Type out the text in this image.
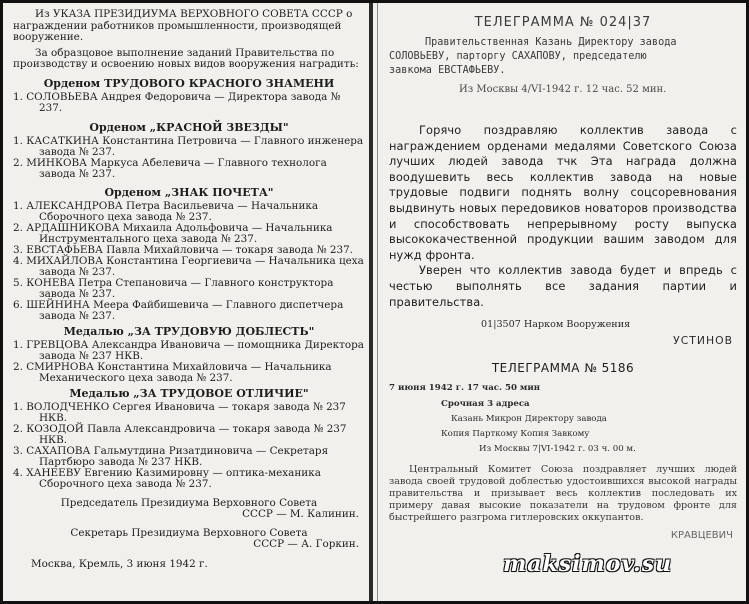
Из УКАЗА ПРЕЗИДИУМА ВЕРХОВНОГО СОВЕТА СССР о награждении работников промышленности, производящей вооружение.

За образцовое выполнение заданий Правительства по производству и освоению новых видов вооружения наградить:

Орденом ТРУДОВОГО КРАСНОГО ЗНАМЕНИ

1. СОЛОВЬЕВА Андрея Федоровича — Директора завода № 237.

Орденом „КРАСНОЙ ЗВЕЗДЫ"

1. КАСАТКИНА Константина Петровича — Главного инженера завода № 237.

2. МИНКОВА Маркуса Абелевича — Главного технолога завода № 237.

Орденом „ЗНАК ПОЧЕТА"

1. АЛЕКСАНДРОВА Петра Васильевича — Начальника Сборочного цеха завода № 237.

2. АРДАШНИКОВА Михаила Адольфовича — Начальника Инструментального цеха завода № 237.

3. ЕВСТАФЬЕВА Павла Михайловича — токаря завода № 237.

4. МИХАЙЛОВА Константина Георгиевича — Начальника цеха завода № 237.

5. КОНЕВА Петра Степановича — Главного конструктора завода № 237.

6. ШЕЙНИНА Меера Файбишевича — Главного диспетчера завода № 237.

Медалью „ЗА ТРУДОВУЮ ДОБЛЕСТЬ"

1. ГРЕВЦОВА Александра Ивановича — помощника Директора завода № 237 НКВ.

2. СМИРНОВА Константина Михайловича — Начальника Механического цеха завода № 237.

Медалью „ЗА ТРУДОВОЕ ОТЛИЧИЕ"

1. ВОЛОДЧЕНКО Сергея Ивановича — токаря завода № 237 НКВ.

2. КОЗОДОЙ Павла Александровича — токаря завода № 237 НКВ.

3. САХАПОВА Гальмутдина Ризатдиновича — Секретаря Партбюро завода № 237 НКВ.

4. ХАНЕЕВУ Евгению Казимировну — оптика-механика Сборочного цеха завода № 237.

Председатель Президиума Верховного Совета

СССР — М. Калинин.

Секретарь Президиума Верховного Совета

СССР — А. Горкин.

Москва, Кремль, 3 июня 1942 г.

ТЕЛЕГРАММА № 024|37

Правительственная Казань Директору завода

СОЛОВЬЕВУ, парторгу САХАПОВУ, председателю

завкома ЕВСТАФЬЕВУ.

Из Москвы 4/VI-1942 г. 12 час. 52 мин.

Горячо поздравляю коллектив завода с награждением орденами медалями Советского Союза лучших людей завода тчк Эта награда должна воодушевить весь коллектив завода на новые трудовые подвиги поднять волну соцсоревнования выдвинуть новых передовиков новаторов производства и способствовать непрерывному росту выпуска высококачественной продукции вашим заводом для нужд фронта.

Уверен что коллектив завода будет и впредь с честью выполнять все задания партии и правительства.

01|3507 Нарком Вооружения

УСТИНОВ

ТЕЛЕГРАММА № 5186

7 июня 1942 г. 17 час. 50 мин

Срочная 3 адреса

Казань Микрон Директору завода

Копия Парткому Копия Завкому

Из Москвы 7|VI-1942 г. 03 ч. 00 м.

Центральный Комитет Союза поздравляет лучших людей завода своей трудовой доблестью удостоившихся высокой награды правительства и призывает весь коллектив последовать их примеру давая высокие показатели на трудовом фронте для быстрейшего разгрома гитлеровских оккупантов.

КРАВЦЕВИЧ

maksimov.su
